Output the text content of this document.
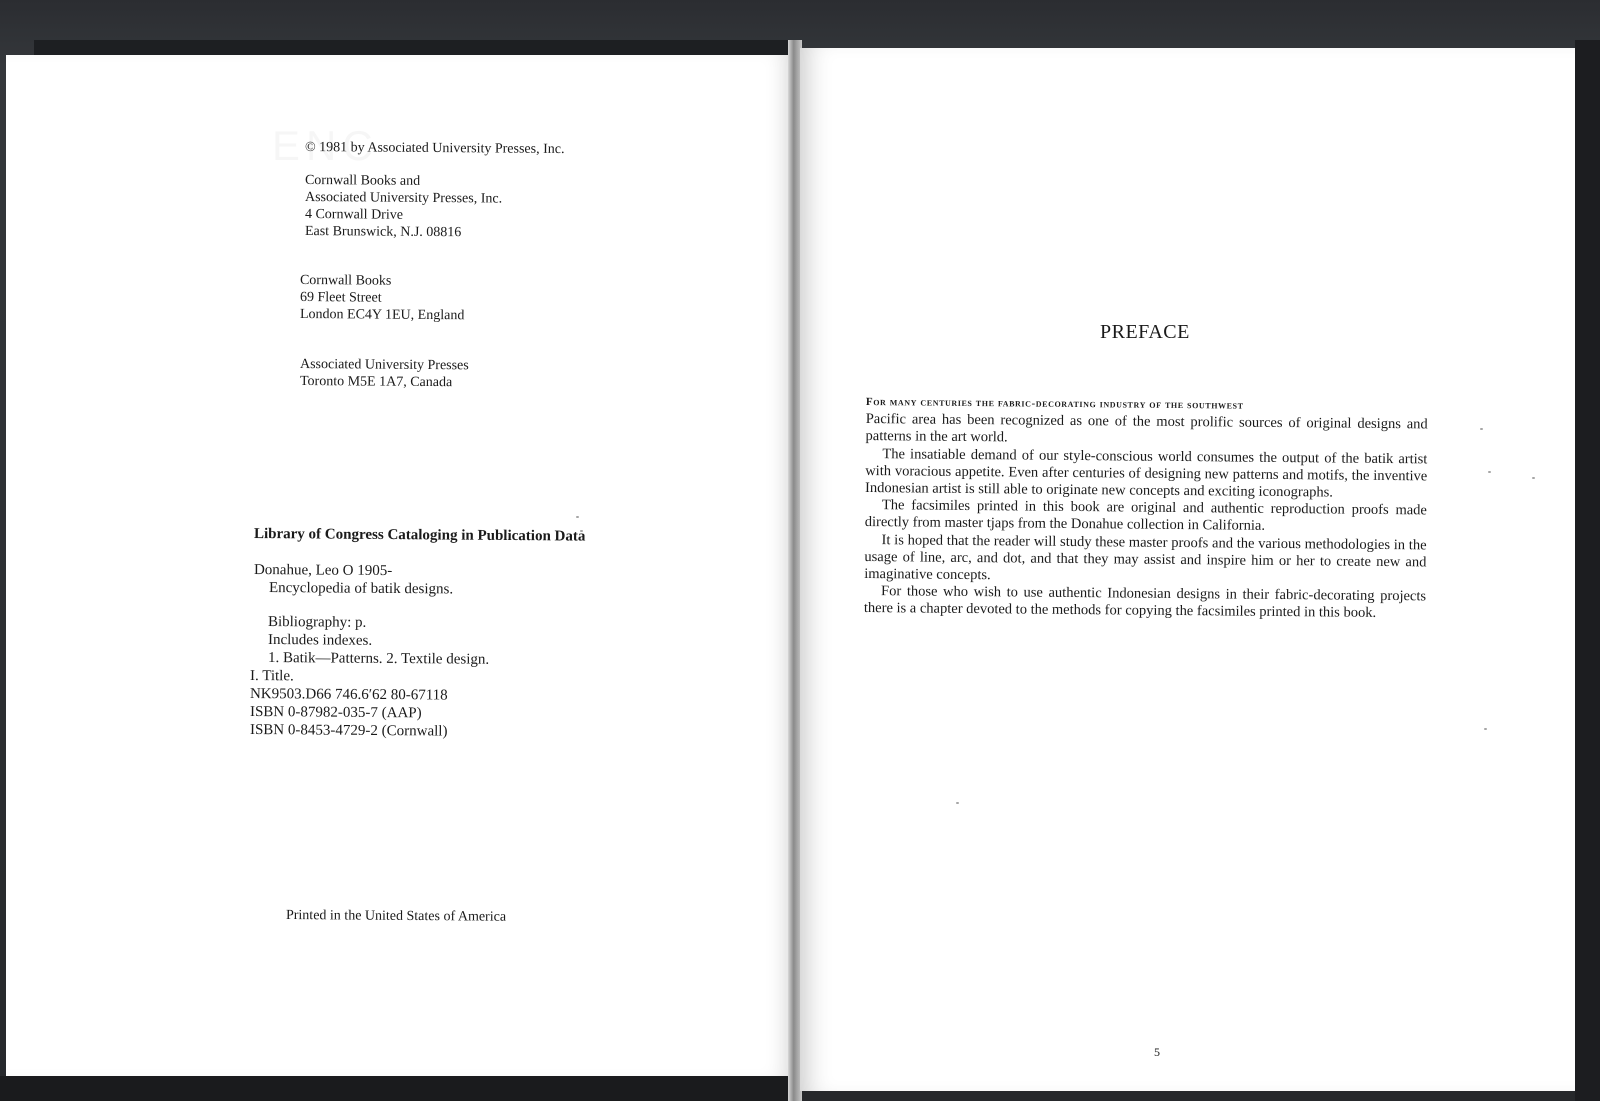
© 1981 by Associated University Presses, Inc.
Cornwall Books and
Associated University Presses, Inc.
4 Cornwall Drive
East Brunswick, N.J. 08816
Cornwall Books
69 Fleet Street
London EC4Y 1EU, England
Associated University Presses
Toronto M5E 1A7, Canada
Library of Congress Cataloging in Publication Data
Donahue, Leo O 1905-
Encyclopedia of batik designs.
Bibliography: p.
Includes indexes.
1. Batik—Patterns. 2. Textile design.
I. Title.
NK9503.D66 746.6′62 80-67118
ISBN 0-87982-035-7 (AAP)
ISBN 0-8453-4729-2 (Cornwall)
Printed in the United States of America
PREFACE

For many centuries the fabric-decorating industry of the southwest
Pacific area has been recognized as one of the most prolific sources of original designs and patterns in the art world.

The insatiable demand of our style-conscious world consumes the output of the batik artist with voracious appetite. Even after centuries of designing new patterns and motifs, the inventive Indonesian artist is still able to originate new concepts and exciting iconographs.

The facsimiles printed in this book are original and authentic reproduction proofs made directly from master tjaps from the Donahue collection in California.

It is hoped that the reader will study these master proofs and the various methodologies in the usage of line, arc, and dot, and that they may assist and inspire him or her to create new and imaginative concepts.

For those who wish to use authentic Indonesian designs in their fabric-decorating projects there is a chapter devoted to the methods for copying the facsimiles printed in this book.

5
